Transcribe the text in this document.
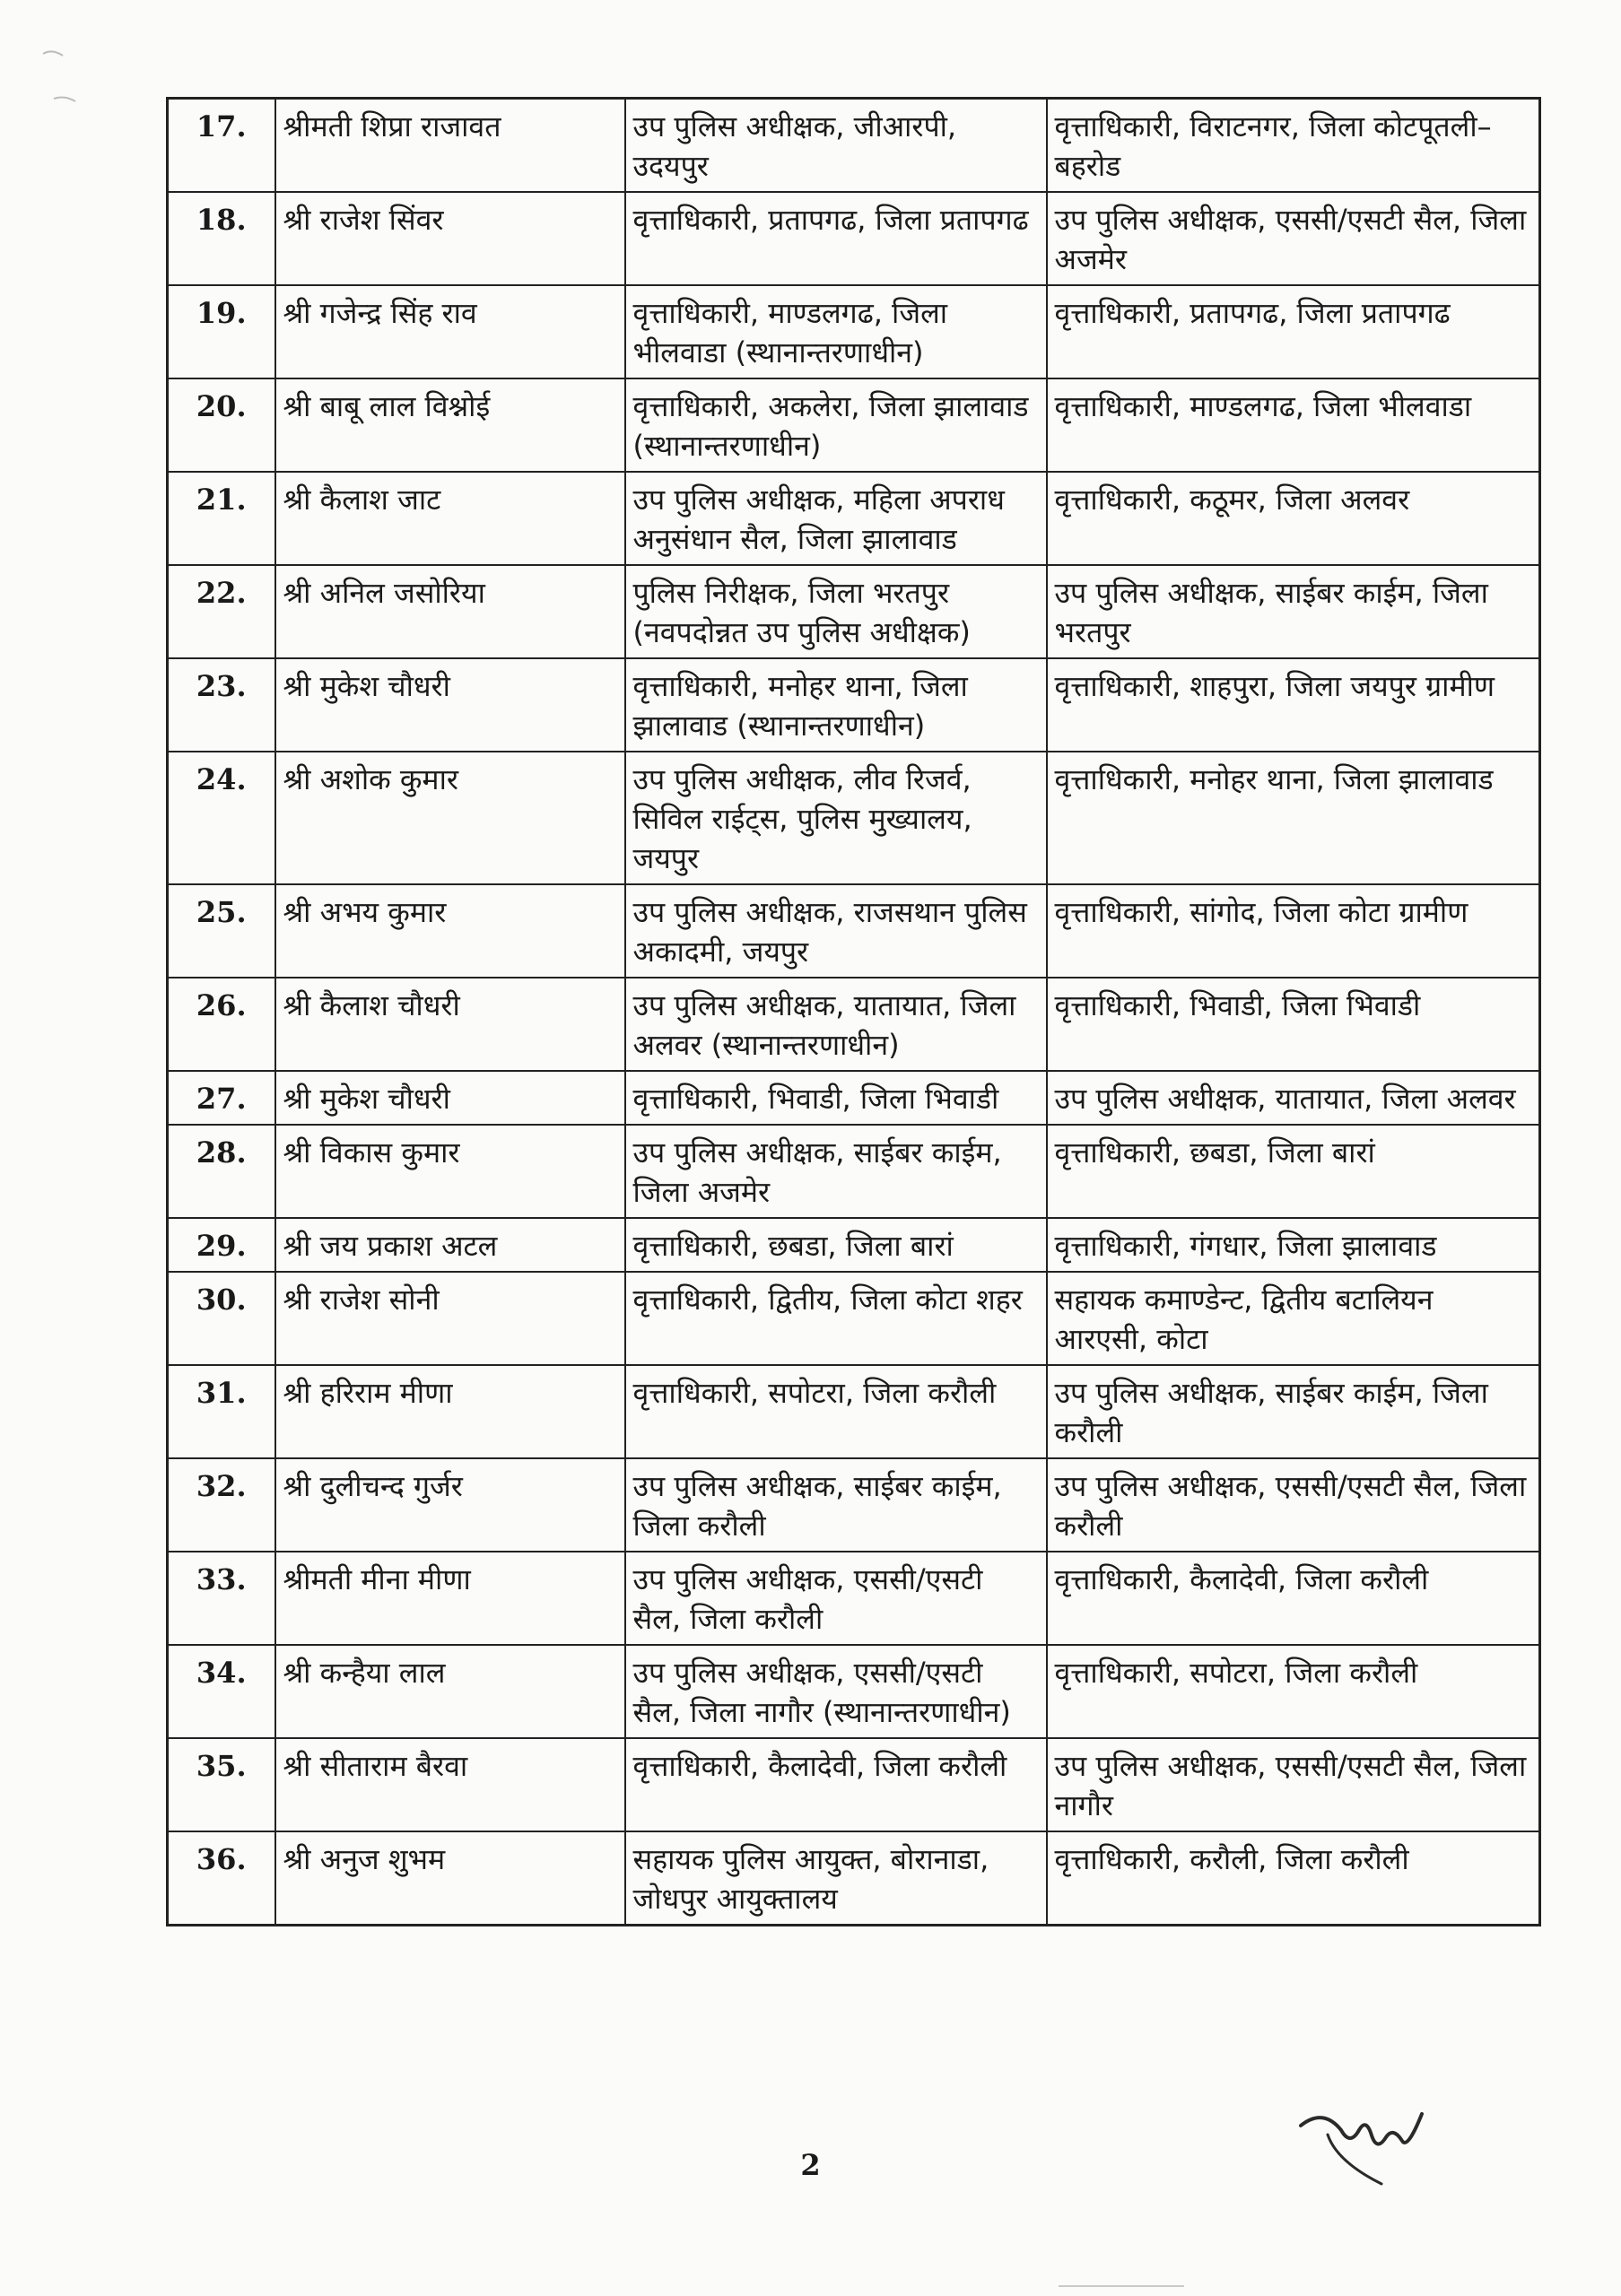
17.	श्रीमती शिप्रा राजावत	उप पुलिस अधीक्षक, जीआरपी, उदयपुर	वृत्ताधिकारी, विराटनगर, जिला कोटपूतली–बहरोड
18.	श्री राजेश सिंवर	वृत्ताधिकारी, प्रतापगढ, जिला प्रतापगढ	उप पुलिस अधीक्षक, एससी/एसटी सैल, जिला अजमेर
19.	श्री गजेन्द्र सिंह राव	वृत्ताधिकारी, माण्डलगढ, जिला भीलवाडा (स्थानान्तरणाधीन)	वृत्ताधिकारी, प्रतापगढ, जिला प्रतापगढ
20.	श्री बाबू लाल विश्नोई	वृत्ताधिकारी, अकलेरा, जिला झालावाड (स्थानान्तरणाधीन)	वृत्ताधिकारी, माण्डलगढ, जिला भीलवाडा
21.	श्री कैलाश जाट	उप पुलिस अधीक्षक, महिला अपराध अनुसंधान सैल, जिला झालावाड	वृत्ताधिकारी, कठूमर, जिला अलवर
22.	श्री अनिल जसोरिया	पुलिस निरीक्षक, जिला भरतपुर (नवपदोन्नत उप पुलिस अधीक्षक)	उप पुलिस अधीक्षक, साईबर काईम, जिला भरतपुर
23.	श्री मुकेश चौधरी	वृत्ताधिकारी, मनोहर थाना, जिला झालावाड (स्थानान्तरणाधीन)	वृत्ताधिकारी, शाहपुरा, जिला जयपुर ग्रामीण
24.	श्री अशोक कुमार	उप पुलिस अधीक्षक, लीव रिजर्व, सिविल राईट्स, पुलिस मुख्यालय, जयपुर	वृत्ताधिकारी, मनोहर थाना, जिला झालावाड
25.	श्री अभय कुमार	उप पुलिस अधीक्षक, राजसथान पुलिस अकादमी, जयपुर	वृत्ताधिकारी, सांगोद, जिला कोटा ग्रामीण
26.	श्री कैलाश चौधरी	उप पुलिस अधीक्षक, यातायात, जिला अलवर (स्थानान्तरणाधीन)	वृत्ताधिकारी, भिवाडी, जिला भिवाडी
27.	श्री मुकेश चौधरी	वृत्ताधिकारी, भिवाडी, जिला भिवाडी	उप पुलिस अधीक्षक, यातायात, जिला अलवर
28.	श्री विकास कुमार	उप पुलिस अधीक्षक, साईबर काईम, जिला अजमेर	वृत्ताधिकारी, छबडा, जिला बारां
29.	श्री जय प्रकाश अटल	वृत्ताधिकारी, छबडा, जिला बारां	वृत्ताधिकारी, गंगधार, जिला झालावाड
30.	श्री राजेश सोनी	वृत्ताधिकारी, द्वितीय, जिला कोटा शहर	सहायक कमाण्डेन्ट, द्वितीय बटालियन आरएसी, कोटा
31.	श्री हरिराम मीणा	वृत्ताधिकारी, सपोटरा, जिला करौली	उप पुलिस अधीक्षक, साईबर काईम, जिला करौली
32.	श्री दुलीचन्द गुर्जर	उप पुलिस अधीक्षक, साईबर काईम, जिला करौली	उप पुलिस अधीक्षक, एससी/एसटी सैल, जिला करौली
33.	श्रीमती मीना मीणा	उप पुलिस अधीक्षक, एससी/एसटी सैल, जिला करौली	वृत्ताधिकारी, कैलादेवी, जिला करौली
34.	श्री कन्हैया लाल	उप पुलिस अधीक्षक, एससी/एसटी सैल, जिला नागौर (स्थानान्तरणाधीन)	वृत्ताधिकारी, सपोटरा, जिला करौली
35.	श्री सीताराम बैरवा	वृत्ताधिकारी, कैलादेवी, जिला करौली	उप पुलिस अधीक्षक, एससी/एसटी सैल, जिला नागौर
36.	श्री अनुज शुभम	सहायक पुलिस आयुक्त, बोरानाडा, जोधपुर आयुक्तालय	वृत्ताधिकारी, करौली, जिला करौली
2
